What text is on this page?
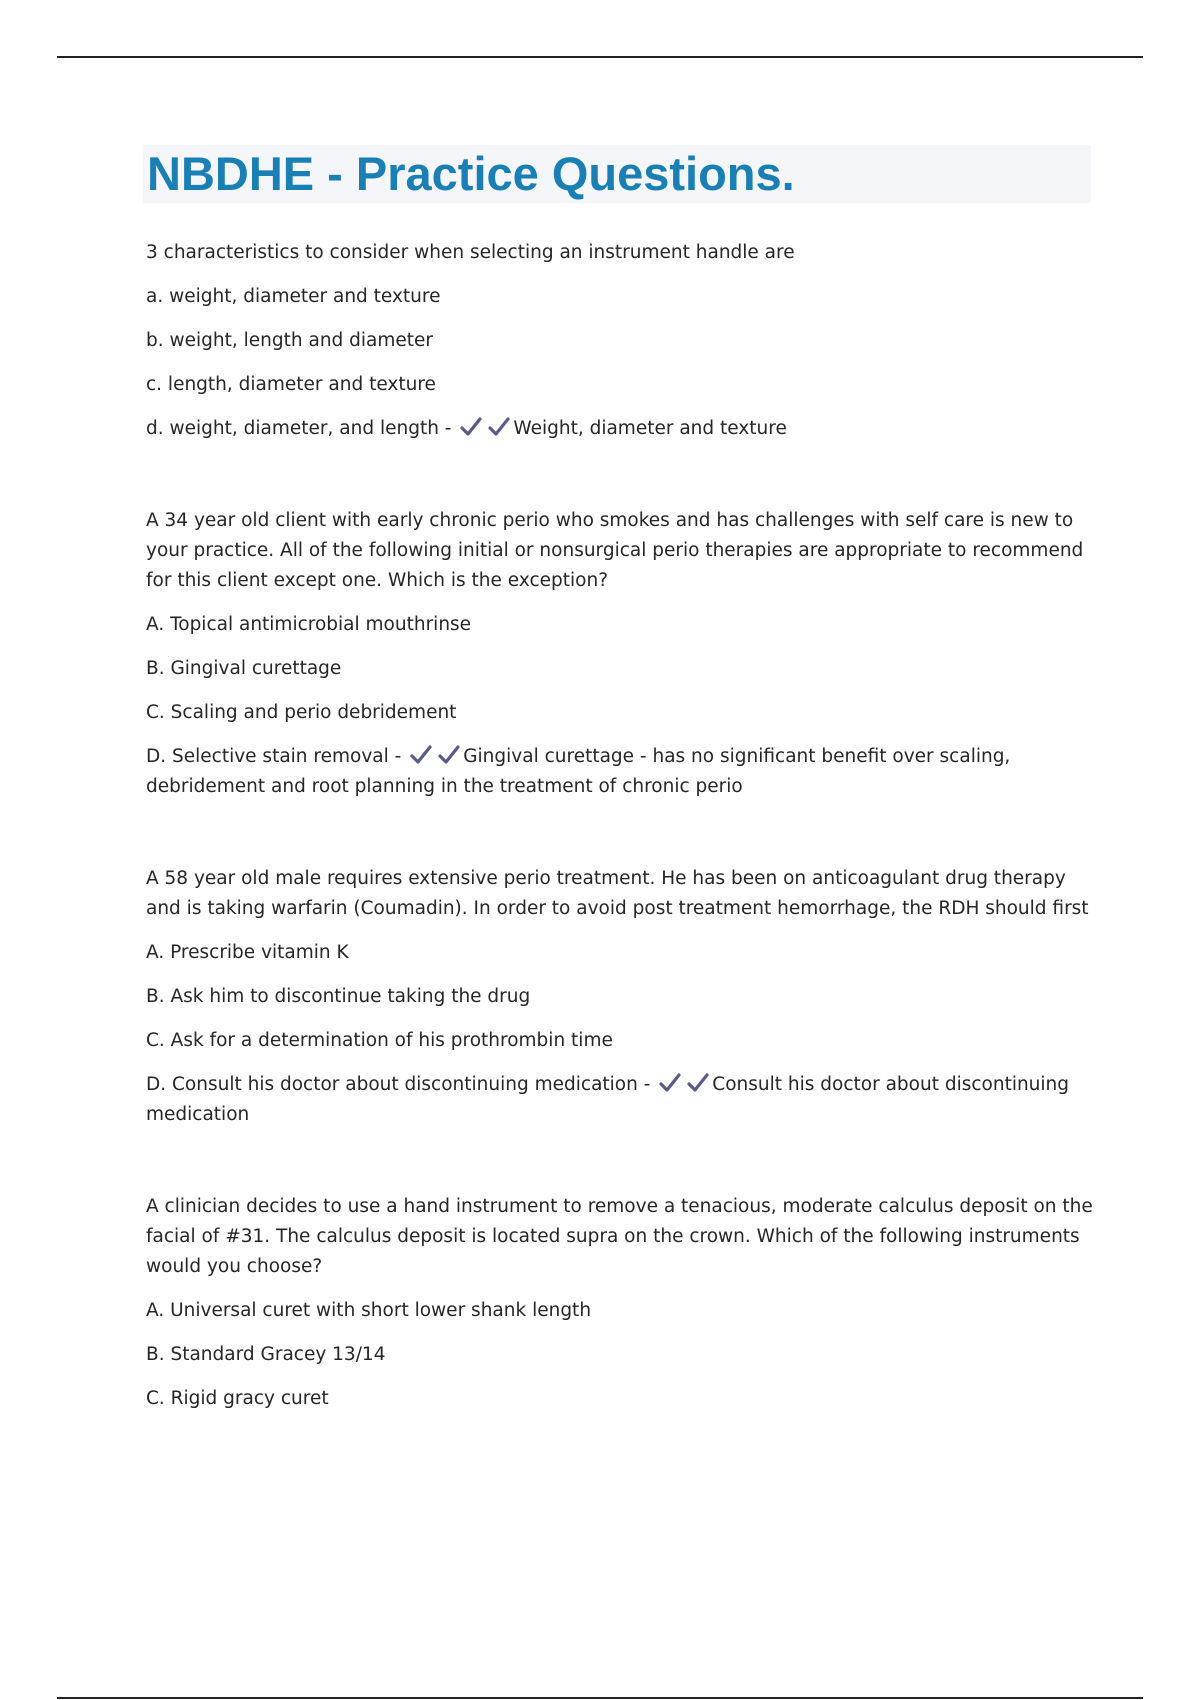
NBDHE - Practice Questions.

3 characteristics to consider when selecting an instrument handle are

a. weight, diameter and texture

b. weight, length and diameter

c. length, diameter and texture

d. weight, diameter, and length -	Weight, diameter and texture

A 34 year old client with early chronic perio who smokes and has challenges with self care is new to your practice. All of the following initial or nonsurgical perio therapies are appropriate to recommend for this client except one. Which is the exception?

A. Topical antimicrobial mouthrinse

B. Gingival curettage

C. Scaling and perio debridement

D. Selective stain removal -	Gingival curettage - has no significant benefit over scaling, debridement and root planning in the treatment of chronic perio

A 58 year old male requires extensive perio treatment. He has been on anticoagulant drug therapy and is taking warfarin (Coumadin). In order to avoid post treatment hemorrhage, the RDH should first

A. Prescribe vitamin K

B. Ask him to discontinue taking the drug

C. Ask for a determination of his prothrombin time

D. Consult his doctor about discontinuing medication -	Consult his doctor about discontinuing medication

A clinician decides to use a hand instrument to remove a tenacious, moderate calculus deposit on the facial of #31. The calculus deposit is located supra on the crown. Which of the following instruments would you choose?

A. Universal curet with short lower shank length

B. Standard Gracey 13/14

C. Rigid gracy curet
